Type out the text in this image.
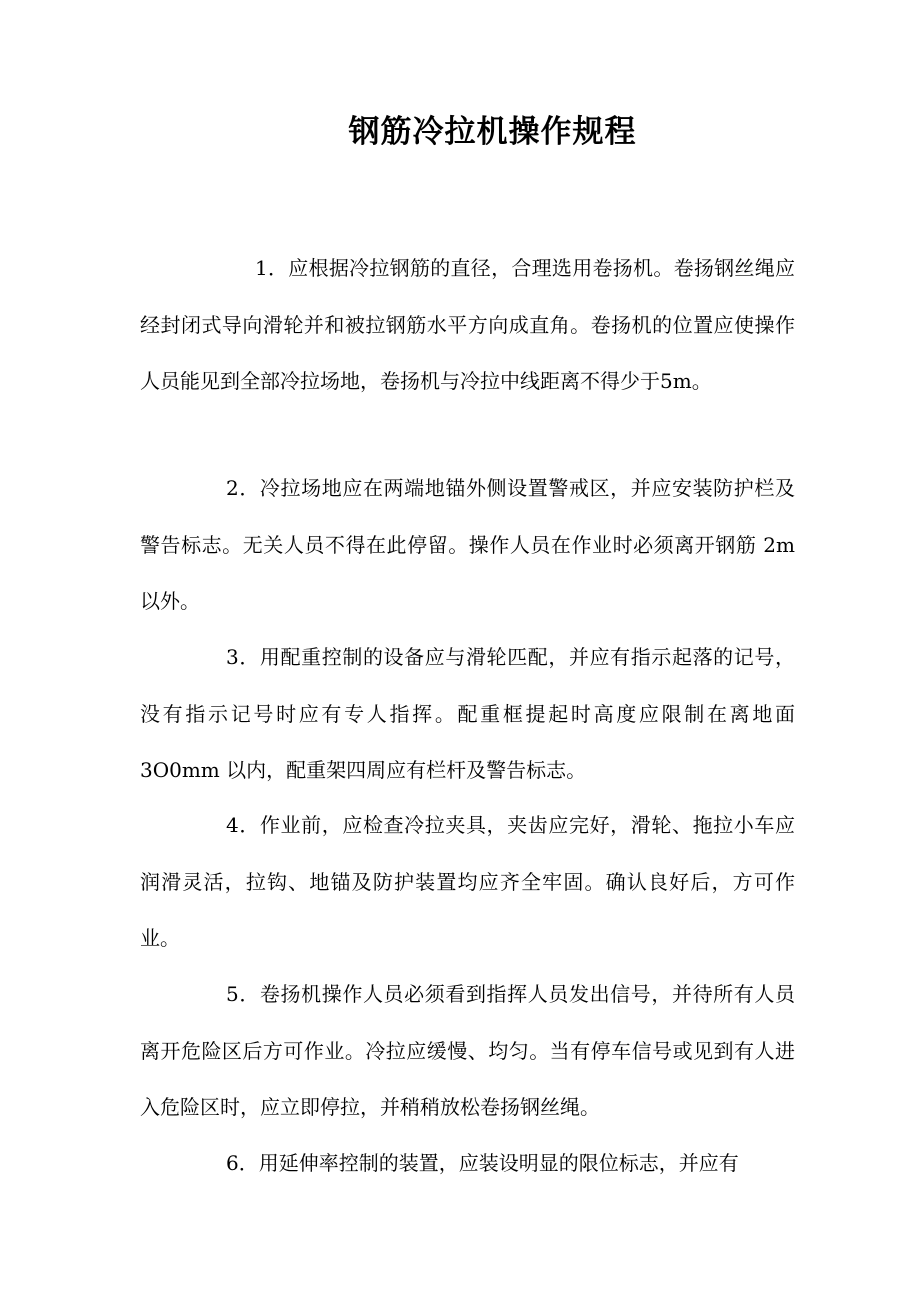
钢筋冷拉机操作规程

1．应根据冷拉钢筋的直径，合理选用卷扬机。卷扬钢丝绳应经封闭式导向滑轮并和被拉钢筋水平方向成直角。卷扬机的位置应使操作人员能见到全部冷拉场地，卷扬机与冷拉中线距离不得少于5m。

2．冷拉场地应在两端地锚外侧设置警戒区，并应安装防护栏及警告标志。无关人员不得在此停留。操作人员在作业时必须离开钢筋 2m 以外。

3．用配重控制的设备应与滑轮匹配，并应有指示起落的记号，没有指示记号时应有专人指挥。配重框提起时高度应限制在离地面 3O0mm 以内，配重架四周应有栏杆及警告标志。

4．作业前，应检查冷拉夹具，夹齿应完好，滑轮、拖拉小车应润滑灵活，拉钩、地锚及防护装置均应齐全牢固。确认良好后，方可作业。

5．卷扬机操作人员必须看到指挥人员发出信号，并待所有人员离开危险区后方可作业。冷拉应缓慢、均匀。当有停车信号或见到有人进入危险区时，应立即停拉，并稍稍放松卷扬钢丝绳。

6．用延伸率控制的装置，应装设明显的限位标志，并应有
